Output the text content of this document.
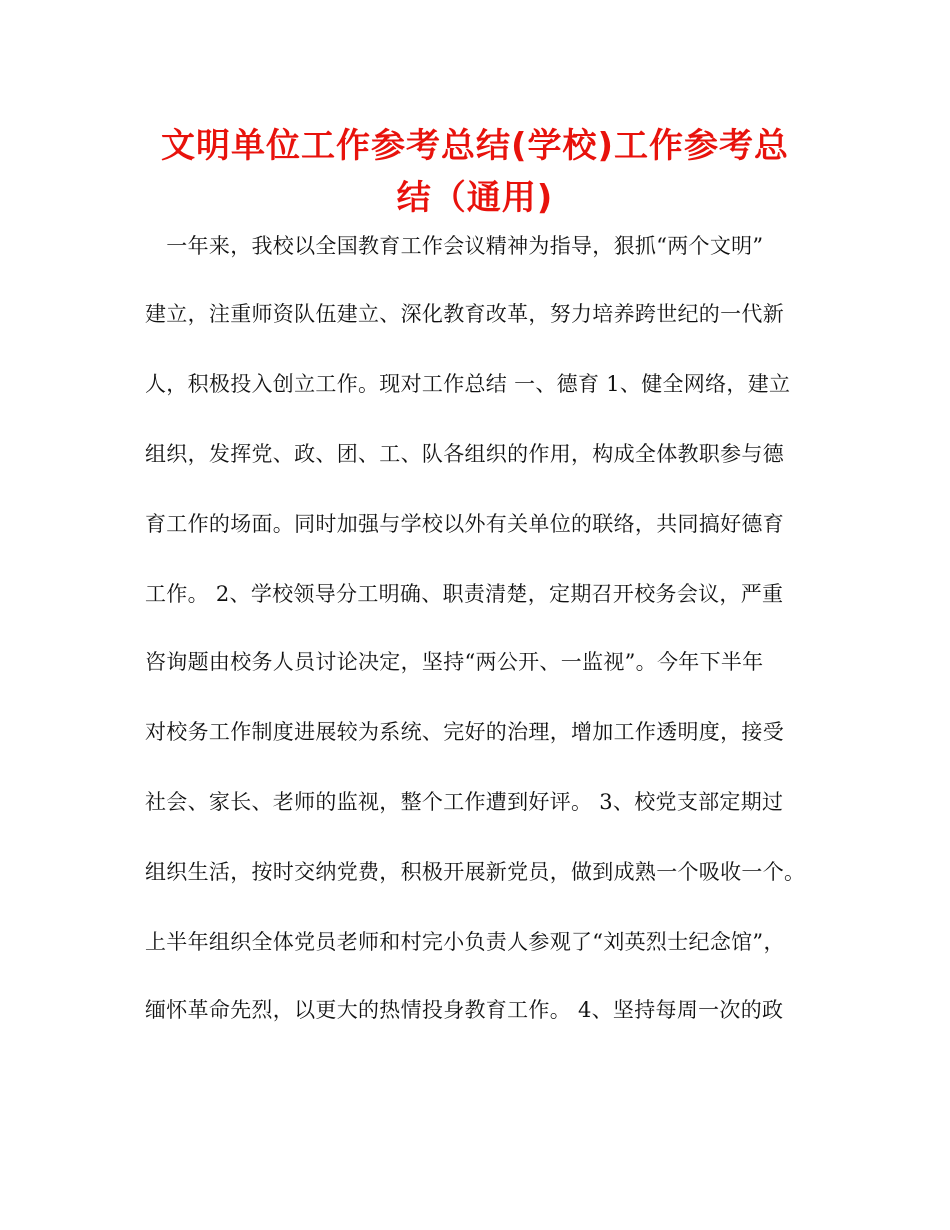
文明单位工作参考总结(学校)工作参考总结（通用)

　一年来，我校以全国教育工作会议精神为指导，狠抓“两个文明”

建立，注重师资队伍建立、深化教育改革，努力培养跨世纪的一代新

人，积极投入创立工作。现对工作总结 一、德育 1、健全网络，建立

组织，发挥党、政、团、工、队各组织的作用，构成全体教职参与德

育工作的场面。同时加强与学校以外有关单位的联络，共同搞好德育

工作。 2、学校领导分工明确、职责清楚，定期召开校务会议，严重

咨询题由校务人员讨论决定，坚持“两公开、一监视”。今年下半年

对校务工作制度进展较为系统、完好的治理，增加工作透明度，接受

社会、家长、老师的监视，整个工作遭到好评。 3、校党支部定期过

组织生活，按时交纳党费，积极开展新党员，做到成熟一个吸收一个。

上半年组织全体党员老师和村完小负责人参观了“刘英烈士纪念馆”，

缅怀革命先烈，以更大的热情投身教育工作。 4、坚持每周一次的政
